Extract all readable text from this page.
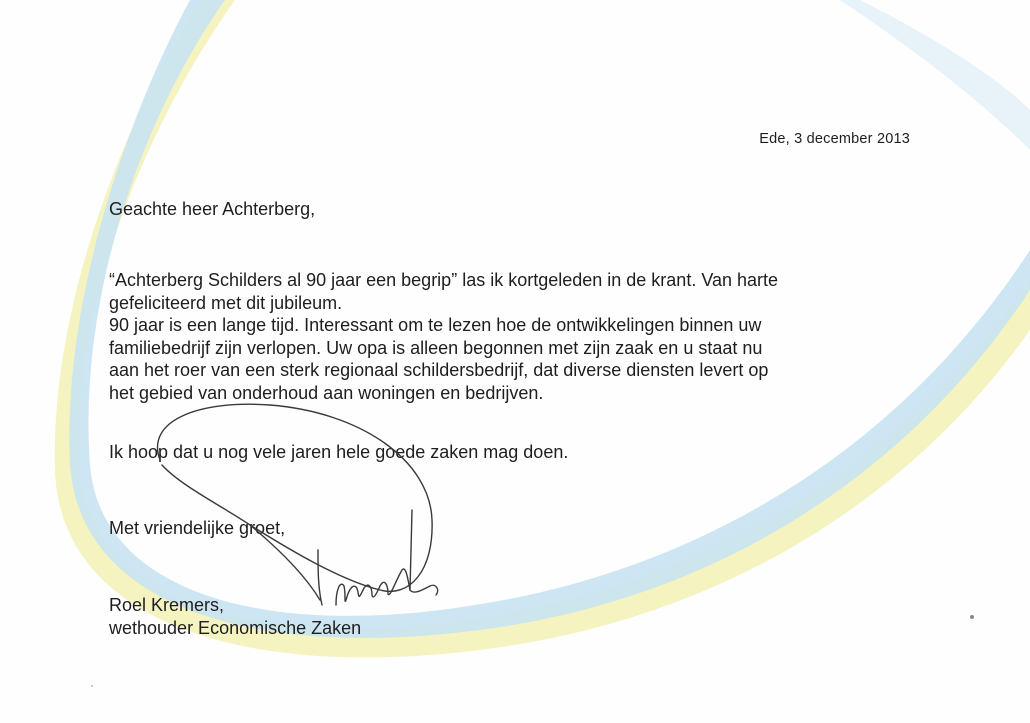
Ede, 3 december 2013
Geachte heer Achterberg,

“Achterberg Schilders al 90 jaar een begrip” las ik kortgeleden in de krant. Van harte
gefeliciteerd met dit jubileum.

90 jaar is een lange tijd. Interessant om te lezen hoe de ontwikkelingen binnen uw
familiebedrijf zijn verlopen. Uw opa is alleen begonnen met zijn zaak en u staat nu
aan het roer van een sterk regionaal schildersbedrijf, dat diverse diensten levert op
het gebied van onderhoud aan woningen en bedrijven.

Ik hoop dat u nog vele jaren hele goede zaken mag doen.
Met vriendelijke groet,
Roel Kremers,
wethouder Economische Zaken
